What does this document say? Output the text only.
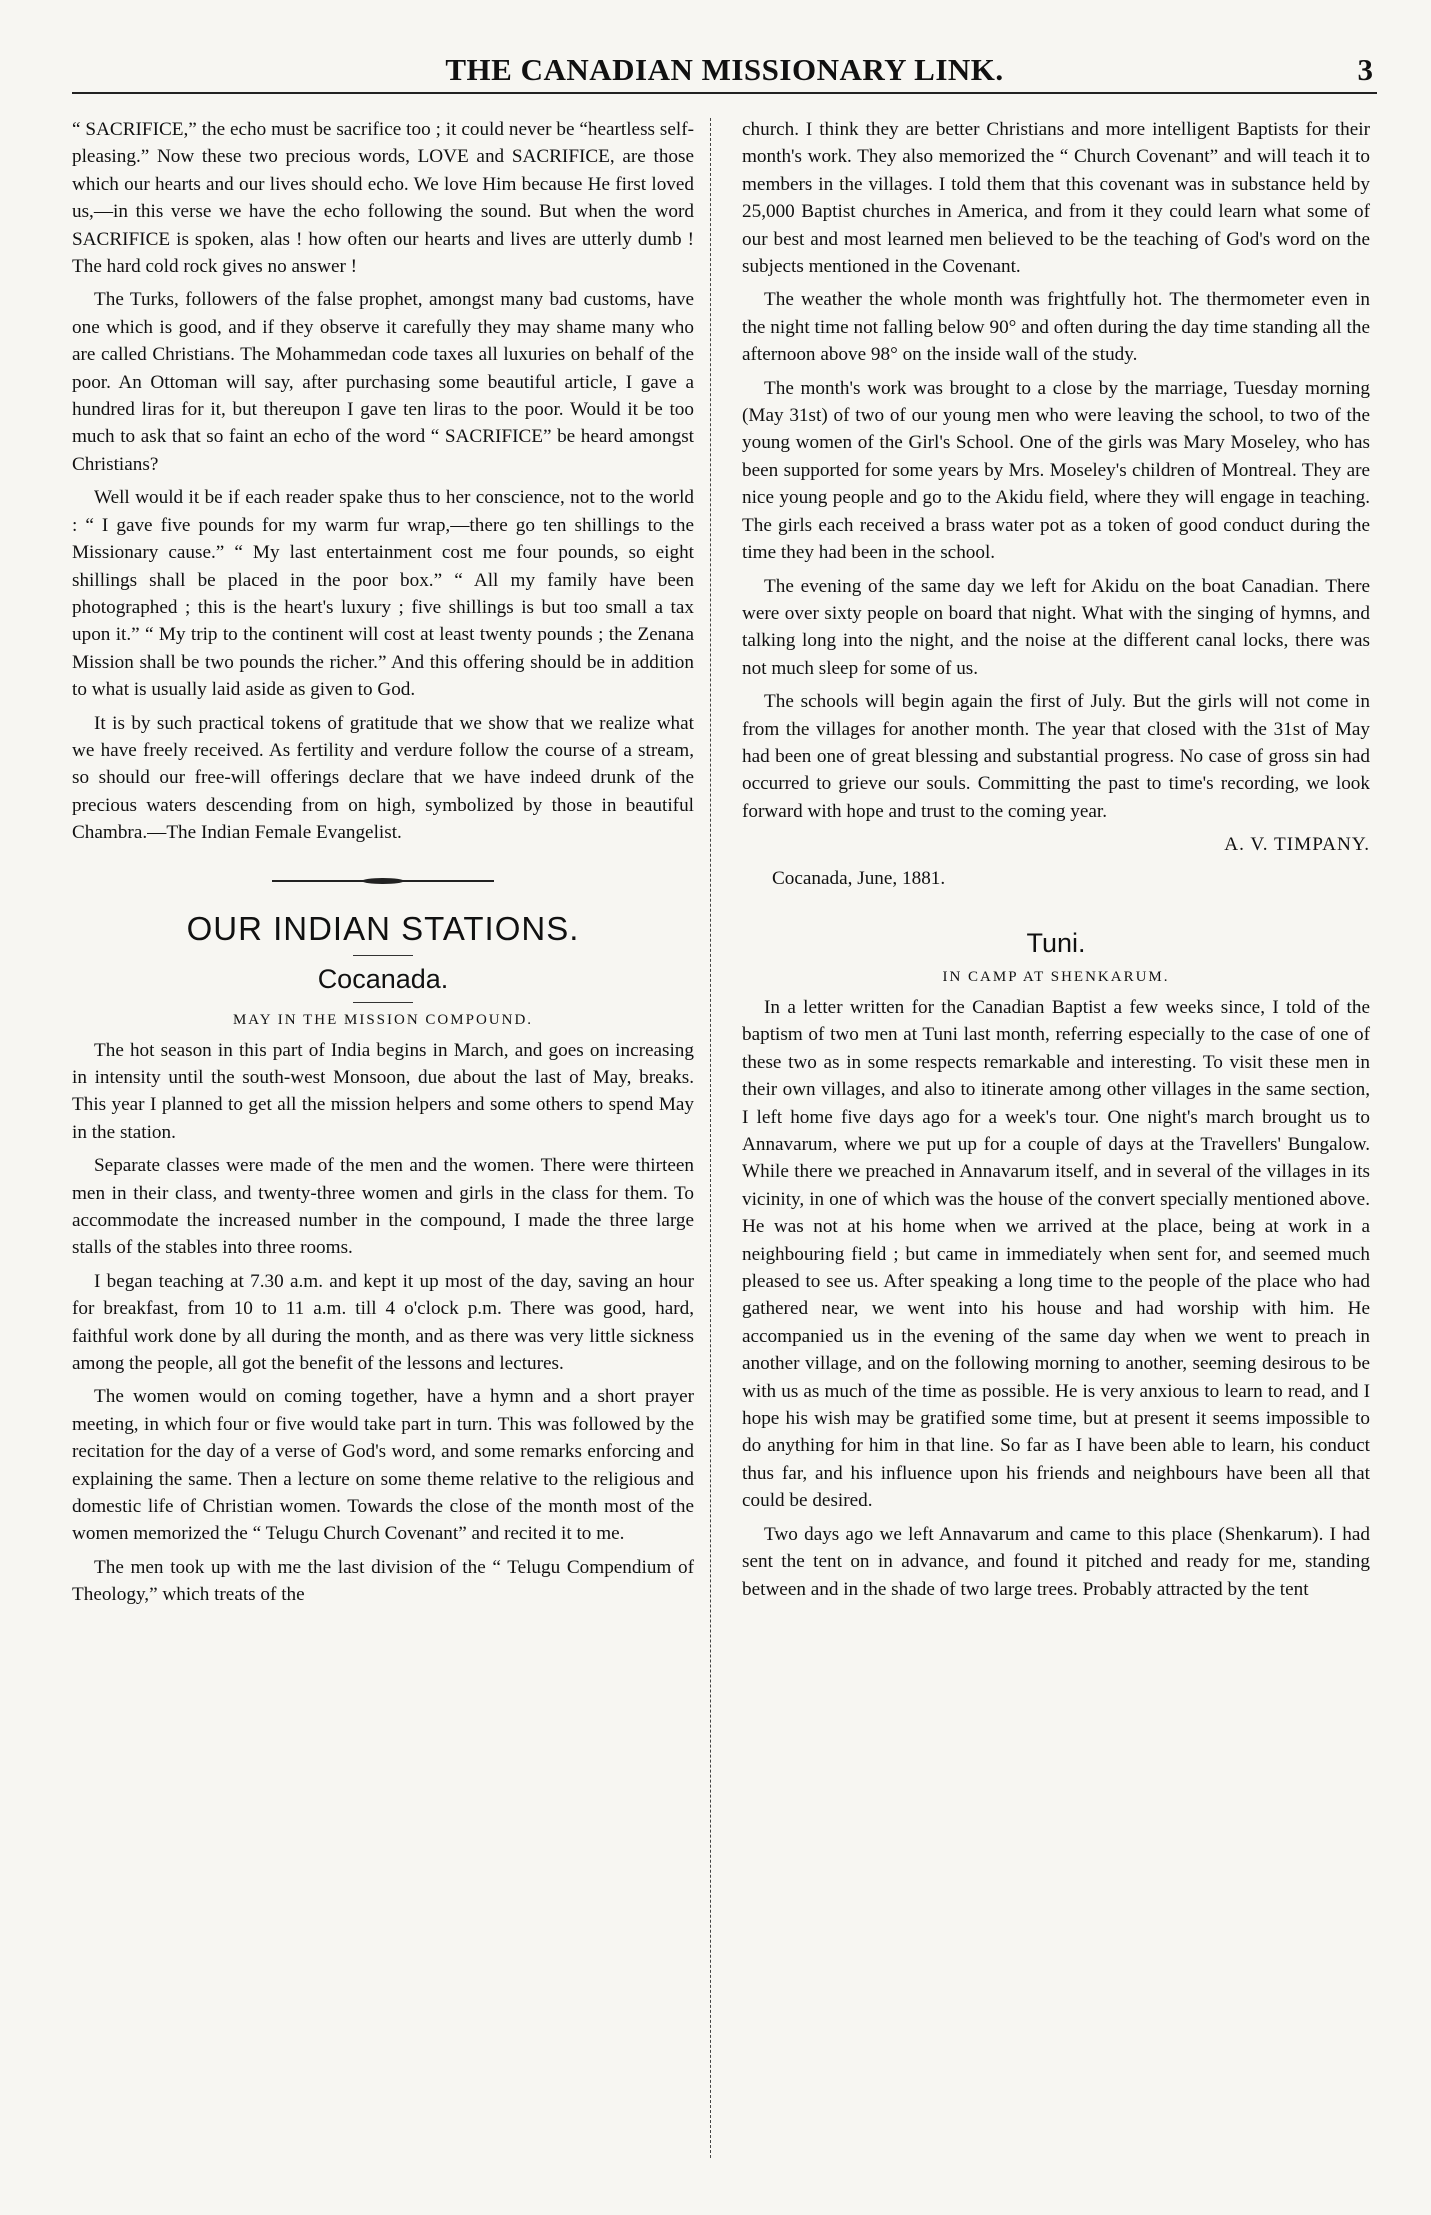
THE CANADIAN MISSIONARY LINK.	3

“ SACRIFICE,” the echo must be sacrifice too ; it could never be “heartless self-pleasing.” Now these two precious words, LOVE and SACRIFICE, are those which our hearts and our lives should echo. We love Him because He first loved us,—in this verse we have the echo following the sound. But when the word SACRIFICE is spoken, alas ! how often our hearts and lives are utterly dumb ! The hard cold rock gives no answer !

The Turks, followers of the false prophet, amongst many bad customs, have one which is good, and if they observe it carefully they may shame many who are called Christians. The Mohammedan code taxes all luxuries on behalf of the poor. An Ottoman will say, after purchasing some beautiful article, I gave a hundred liras for it, but thereupon I gave ten liras to the poor. Would it be too much to ask that so faint an echo of the word “ SACRIFICE” be heard amongst Christians?

Well would it be if each reader spake thus to her conscience, not to the world : “ I gave five pounds for my warm fur wrap,—there go ten shillings to the Missionary cause.” “ My last entertainment cost me four pounds, so eight shillings shall be placed in the poor box.” “ All my family have been photographed ; this is the heart's luxury ; five shillings is but too small a tax upon it.” “ My trip to the continent will cost at least twenty pounds ; the Zenana Mission shall be two pounds the richer.” And this offering should be in addition to what is usually laid aside as given to God.

It is by such practical tokens of gratitude that we show that we realize what we have freely received. As fertility and verdure follow the course of a stream, so should our free-will offerings declare that we have indeed drunk of the precious waters descending from on high, symbolized by those in beautiful Chambra.—The Indian Female Evangelist.

OUR INDIAN STATIONS.
Cocanada.
MAY IN THE MISSION COMPOUND.

The hot season in this part of India begins in March, and goes on increasing in intensity until the south-west Monsoon, due about the last of May, breaks. This year I planned to get all the mission helpers and some others to spend May in the station.

Separate classes were made of the men and the women. There were thirteen men in their class, and twenty-three women and girls in the class for them. To accommodate the increased number in the compound, I made the three large stalls of the stables into three rooms.

I began teaching at 7.30 a.m. and kept it up most of the day, saving an hour for breakfast, from 10 to 11 a.m. till 4 o'clock p.m. There was good, hard, faithful work done by all during the month, and as there was very little sickness among the people, all got the benefit of the lessons and lectures.

The women would on coming together, have a hymn and a short prayer meeting, in which four or five would take part in turn. This was followed by the recitation for the day of a verse of God's word, and some remarks enforcing and explaining the same. Then a lecture on some theme relative to the religious and domestic life of Christian women. Towards the close of the month most of the women memorized the “ Telugu Church Covenant” and recited it to me.

The men took up with me the last division of the “ Telugu Compendium of Theology,” which treats of the

church. I think they are better Christians and more intelligent Baptists for their month's work. They also memorized the “ Church Covenant” and will teach it to members in the villages. I told them that this covenant was in substance held by 25,000 Baptist churches in America, and from it they could learn what some of our best and most learned men believed to be the teaching of God's word on the subjects mentioned in the Covenant.

The weather the whole month was frightfully hot. The thermometer even in the night time not falling below 90° and often during the day time standing all the afternoon above 98° on the inside wall of the study.

The month's work was brought to a close by the marriage, Tuesday morning (May 31st) of two of our young men who were leaving the school, to two of the young women of the Girl's School. One of the girls was Mary Moseley, who has been supported for some years by Mrs. Moseley's children of Montreal. They are nice young people and go to the Akidu field, where they will engage in teaching. The girls each received a brass water pot as a token of good conduct during the time they had been in the school.

The evening of the same day we left for Akidu on the boat Canadian. There were over sixty people on board that night. What with the singing of hymns, and talking long into the night, and the noise at the different canal locks, there was not much sleep for some of us.

The schools will begin again the first of July. But the girls will not come in from the villages for another month. The year that closed with the 31st of May had been one of great blessing and substantial progress. No case of gross sin had occurred to grieve our souls. Committing the past to time's recording, we look forward with hope and trust to the coming year.

A. V. TIMPANY.
Cocanada, June, 1881.
Tuni.
IN CAMP AT SHENKARUM.

In a letter written for the Canadian Baptist a few weeks since, I told of the baptism of two men at Tuni last month, referring especially to the case of one of these two as in some respects remarkable and interesting. To visit these men in their own villages, and also to itinerate among other villages in the same section, I left home five days ago for a week's tour. One night's march brought us to Annavarum, where we put up for a couple of days at the Travellers' Bungalow. While there we preached in Annavarum itself, and in several of the villages in its vicinity, in one of which was the house of the convert specially mentioned above. He was not at his home when we arrived at the place, being at work in a neighbouring field ; but came in immediately when sent for, and seemed much pleased to see us. After speaking a long time to the people of the place who had gathered near, we went into his house and had worship with him. He accompanied us in the evening of the same day when we went to preach in another village, and on the following morning to another, seeming desirous to be with us as much of the time as possible. He is very anxious to learn to read, and I hope his wish may be gratified some time, but at present it seems impossible to do anything for him in that line. So far as I have been able to learn, his conduct thus far, and his influence upon his friends and neighbours have been all that could be desired.

Two days ago we left Annavarum and came to this place (Shenkarum). I had sent the tent on in advance, and found it pitched and ready for me, standing between and in the shade of two large trees. Probably attracted by the tent
